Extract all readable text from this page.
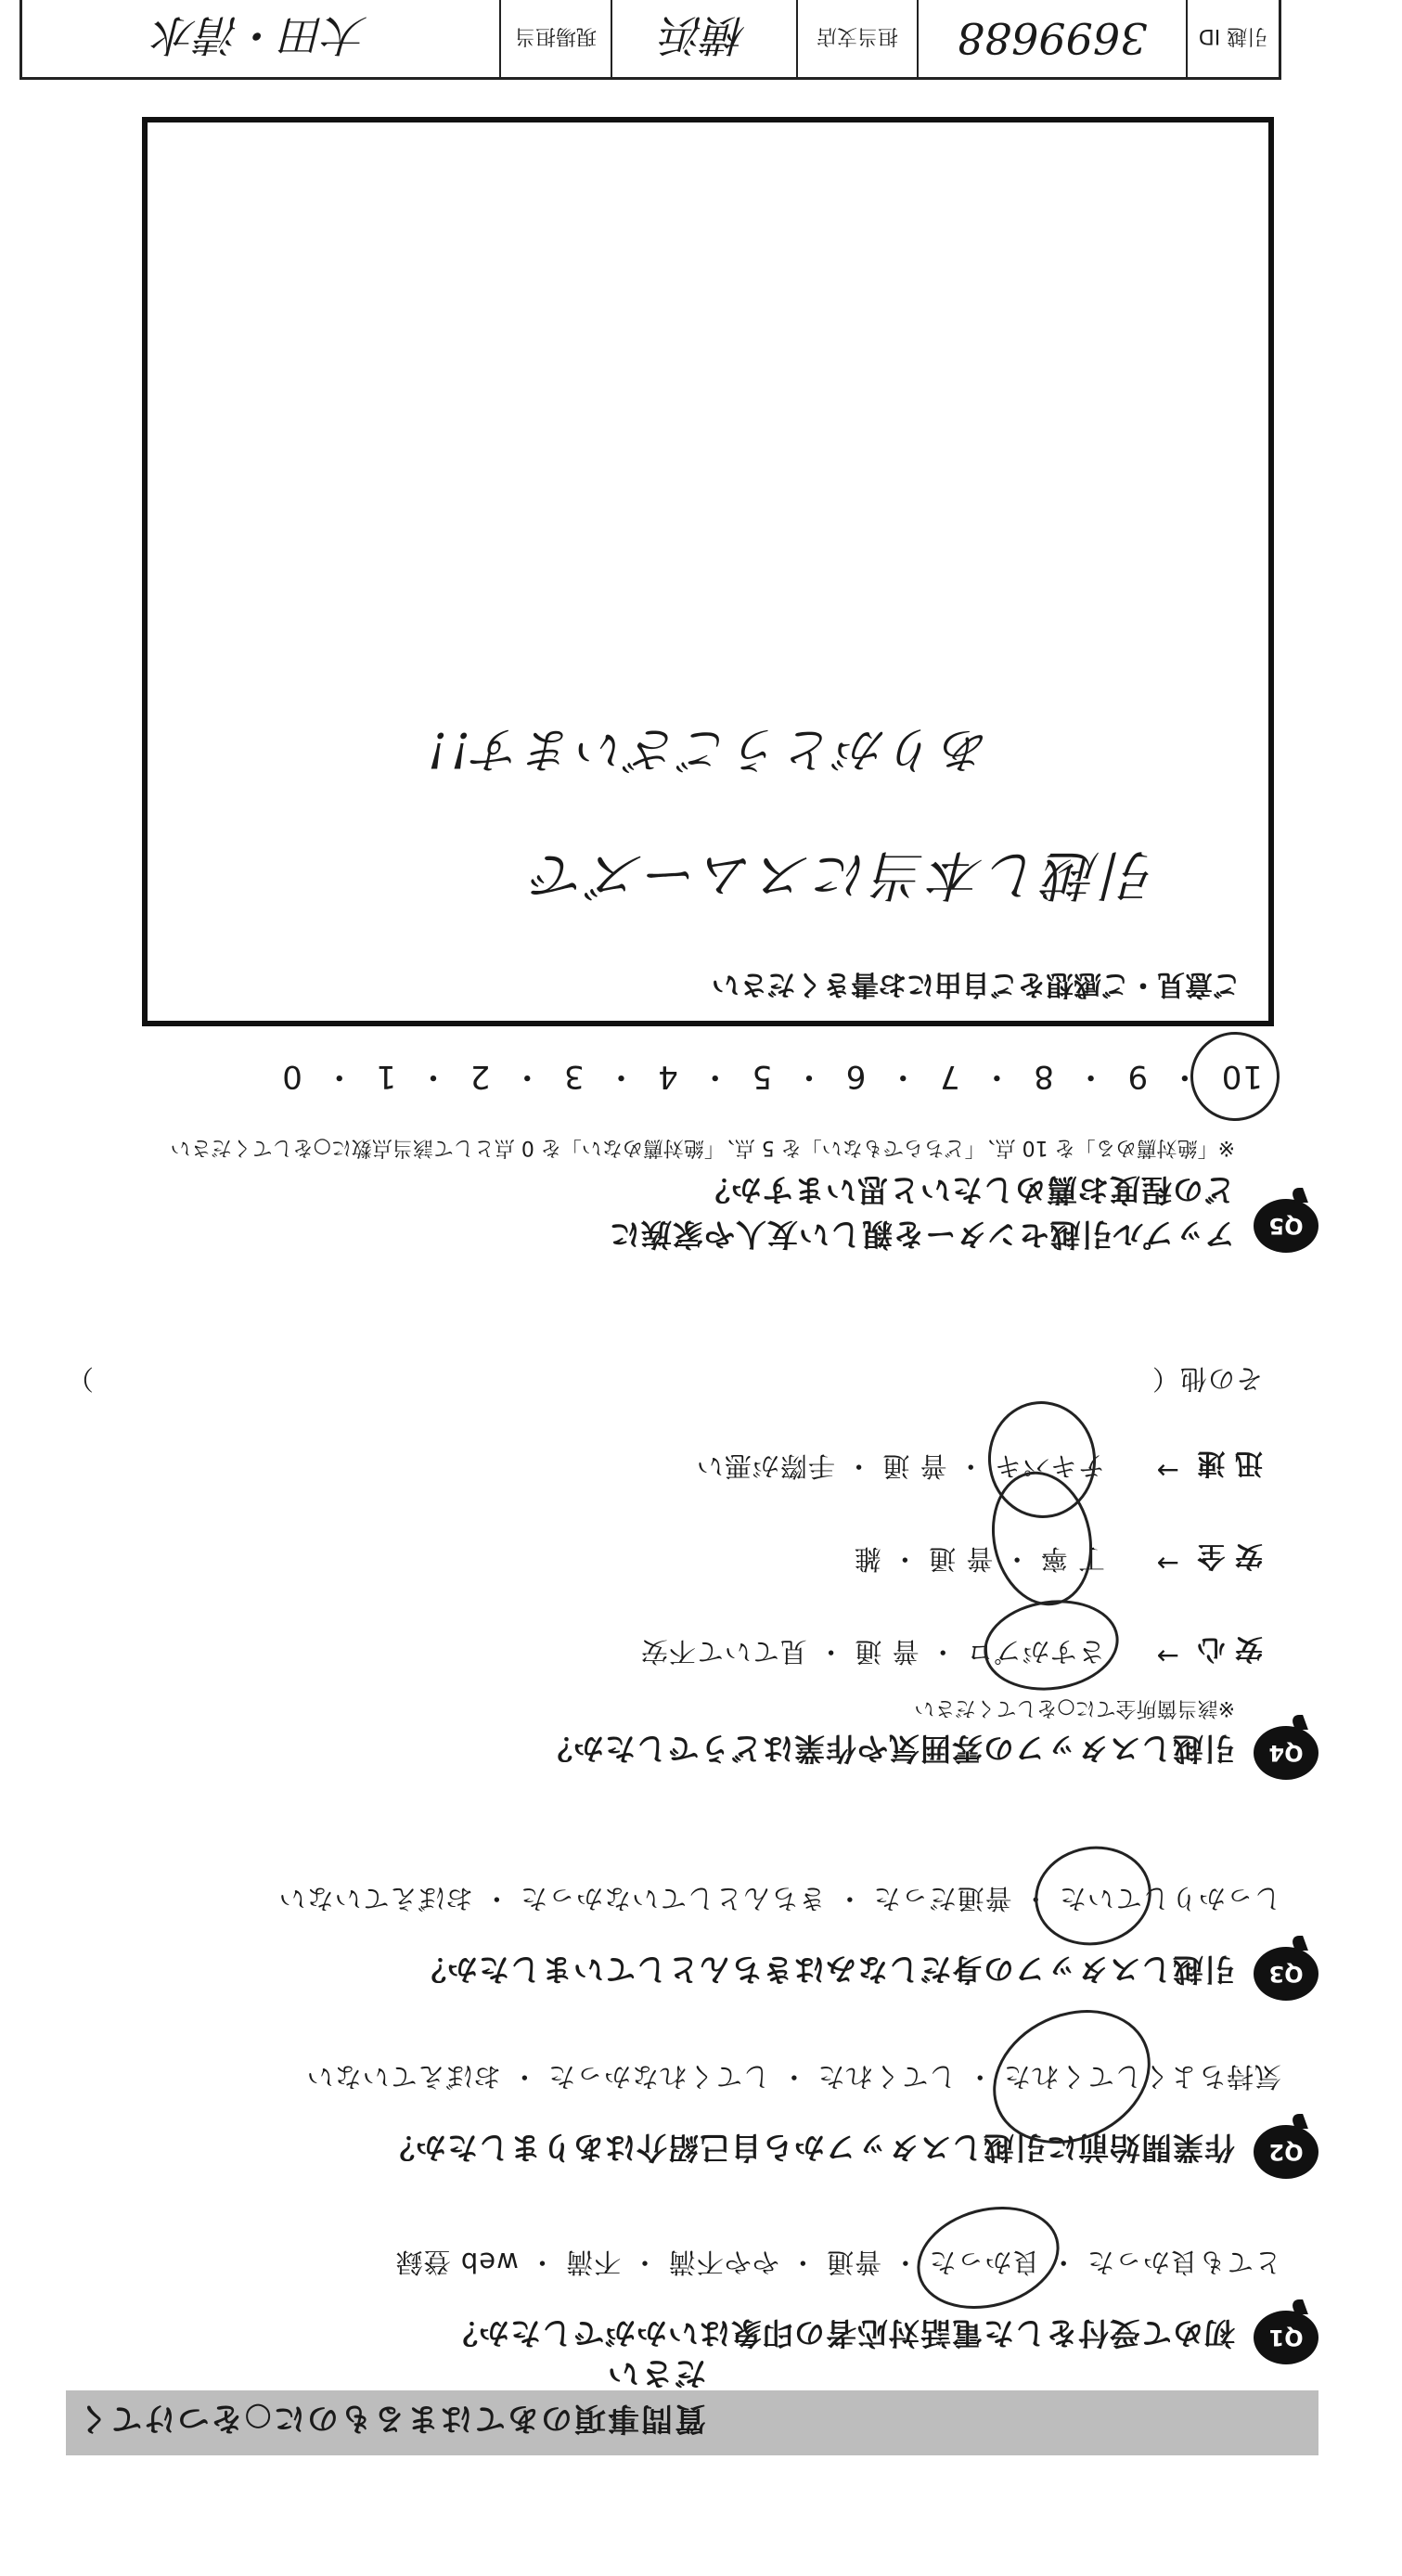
質問事項のあてはまるものに○をつけてください
Q1
初めて受付をした電話対応者の印象はいかがでしたか？
とても良かった ・ 良かった ・ 普通 ・ やや不満 ・ 不満 ・ web 登録
Q2
作業開始前に引越しスタッフから自己紹介はありましたか？
気持ちよくしてくれた ・ してくれた ・ してくれなかった ・ おぼえていない
Q3
引越しスタッフの身だしなみはきちんとしていましたか？
しっかりしていた ・ 普通だった ・ きちんとしていなかった ・ おぼえていない
Q4
引越しスタッフの雰囲気や作業はどうでしたか？
※該当箇所全てに○をしてください
安 心
→
さすがプロ ・ 普 通 ・ 見ていて不安
安 全
→
丁 寧 ・ 普 通 ・ 雑
迅 速
→
テキパキ ・ 普 通 ・ 手際が悪い
その他（
）
Q5
アップル引越センターを親しい友人や家族に
どの程度お薦めしたいと思いますか？
※「絶対薦める」を 10 点、「どちらでもない」を 5 点、「絶対薦めない」を 0 点として該当点数に○をしてください
10 ・ 9 ・ 8 ・ 7 ・ 6 ・ 5 ・ 4 ・ 3 ・ 2 ・ 1 ・ 0
ご意見・ご感想をご自由にお書きください
引越し本当にスムーズで
ありがとうございます!!
引越 ID
3699688
担当支店
横浜
現場担当
大田・清水
